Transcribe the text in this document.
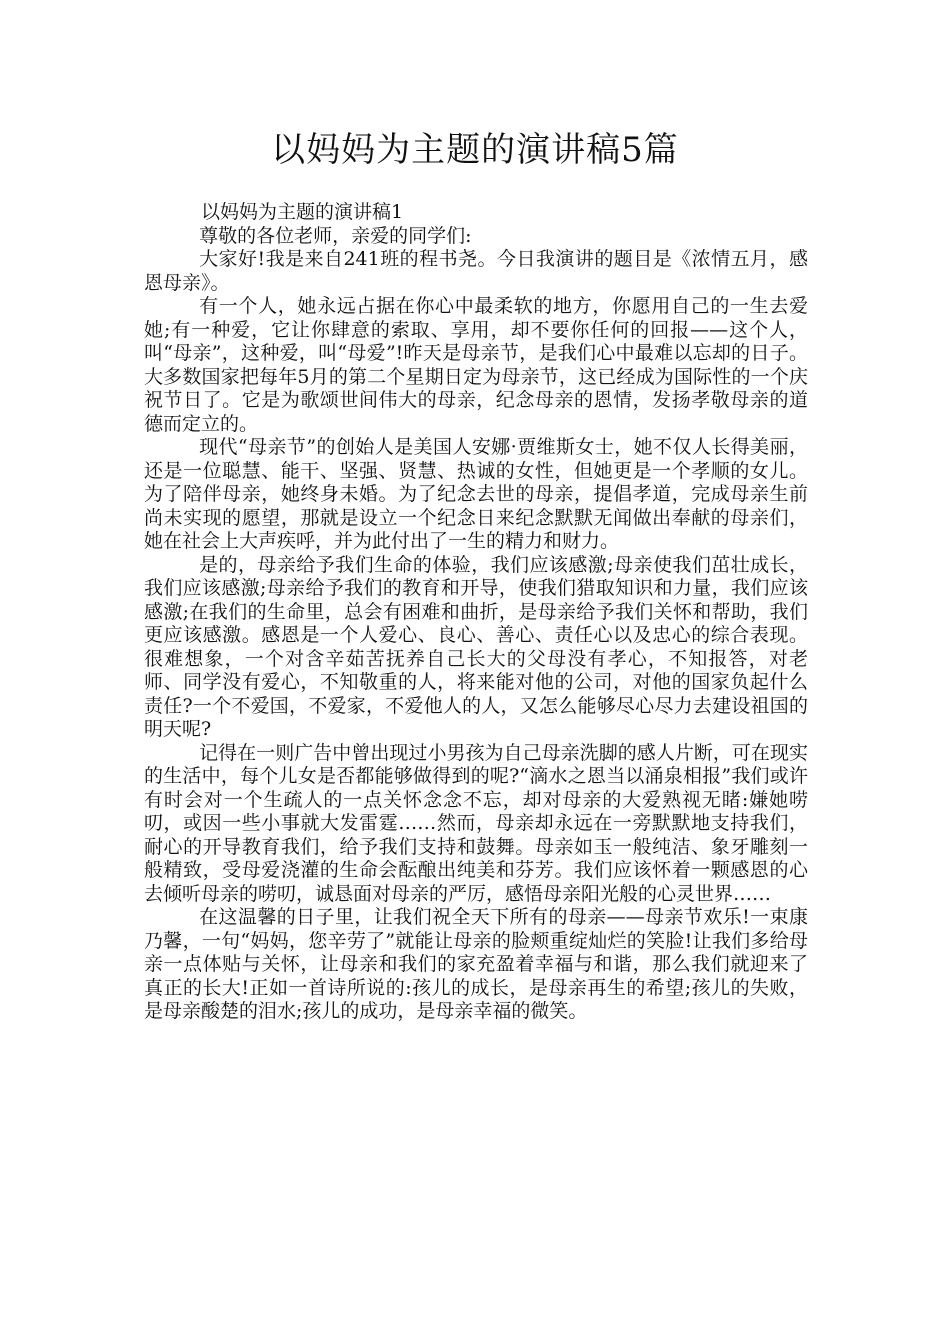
以妈妈为主题的演讲稿5篇

以妈妈为主题的演讲稿1

尊敬的各位老师，亲爱的同学们:

大家好!我是来自241班的程书尧。今日我演讲的题目是《浓情五月，感恩母亲》。

有一个人，她永远占据在你心中最柔软的地方，你愿用自己的一生去爱她;有一种爱，它让你肆意的索取、享用，却不要你任何的回报——这个人，叫“母亲”，这种爱，叫“母爱”!昨天是母亲节，是我们心中最难以忘却的日子。 大多数国家把每年5月的第二个星期日定为母亲节，这已经成为国际性的一个庆祝节日了。它是为歌颂世间伟大的母亲，纪念母亲的恩情，发扬孝敬母亲的道德而定立的。

现代“母亲节”的创始人是美国人安娜·贾维斯女士，她不仅人长得美丽，还是一位聪慧、能干、坚强、贤慧、热诚的女性，但她更是一个孝顺的女儿。为了陪伴母亲，她终身未婚。为了纪念去世的母亲，提倡孝道，完成母亲生前尚未实现的愿望，那就是设立一个纪念日来纪念默默无闻做出奉献的母亲们，她在社会上大声疾呼，并为此付出了一生的精力和财力。

是的，母亲给予我们生命的体验，我们应该感激;母亲使我们茁壮成长，我们应该感激;母亲给予我们的教育和开导，使我们猎取知识和力量，我们应该感激;在我们的生命里，总会有困难和曲折，是母亲给予我们关怀和帮助，我们更应该感激。感恩是一个人爱心、良心、善心、责任心以及忠心的综合表现。很难想象，一个对含辛茹苦抚养自己长大的父母没有孝心，不知报答，对老师、同学没有爱心，不知敬重的人，将来能对他的公司，对他的国家负起什么责任?一个不爱国，不爱家，不爱他人的人，又怎么能够尽心尽力去建设祖国的明天呢?

记得在一则广告中曾出现过小男孩为自己母亲洗脚的感人片断，可在现实的生活中，每个儿女是否都能够做得到的呢?“滴水之恩当以涌泉相报”我们或许有时会对一个生疏人的一点关怀念念不忘，却对母亲的大爱熟视无睹:嫌她唠叨，或因一些小事就大发雷霆……然而，母亲却永远在一旁默默地支持我们，耐心的开导教育我们，给予我们支持和鼓舞。母亲如玉一般纯洁、象牙雕刻一般精致，受母爱浇灌的生命会酝酿出纯美和芬芳。我们应该怀着一颗感恩的心去倾听母亲的唠叨，诚恳面对母亲的严厉，感悟母亲阳光般的心灵世界……

在这温馨的日子里，让我们祝全天下所有的母亲——母亲节欢乐!一束康乃馨，一句“妈妈，您辛劳了”就能让母亲的脸颊重绽灿烂的笑脸!让我们多给母亲一点体贴与关怀，让母亲和我们的家充盈着幸福与和谐，那么我们就迎来了真正的长大!正如一首诗所说的:孩儿的成长，是母亲再生的希望;孩儿的失败，是母亲酸楚的泪水;孩儿的成功，是母亲幸福的微笑。
